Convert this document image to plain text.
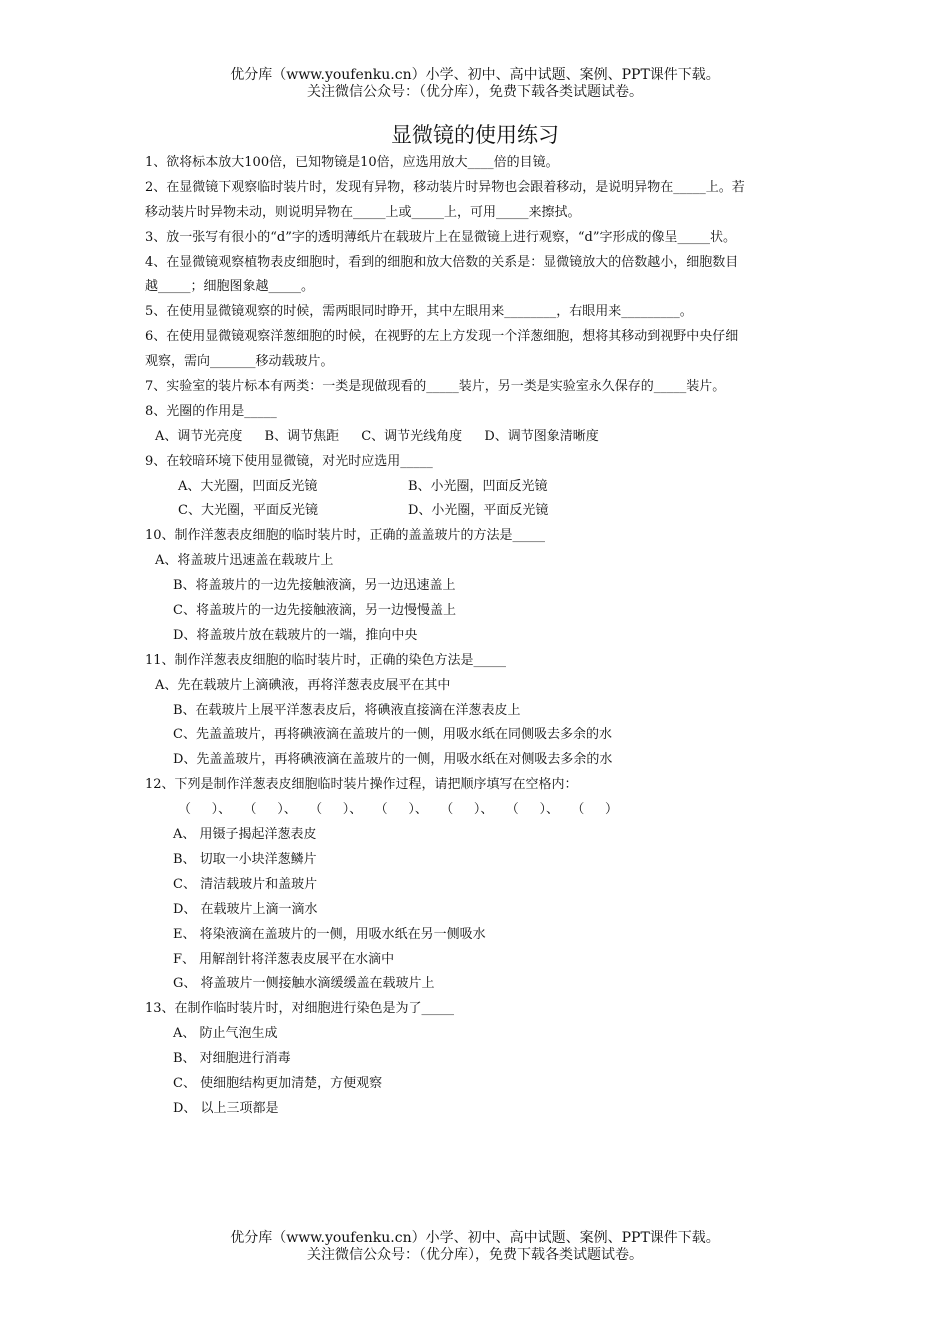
优分库（www.youfenku.cn）小学、初中、高中试题、案例、PPT课件下载。
关注微信公众号：（优分库），免费下载各类试题试卷。
显微镜的使用练习
1、欲将标本放大100倍，已知物镜是10倍，应选用放大____倍的目镜。
2、在显微镜下观察临时装片时，发现有异物，移动装片时异物也会跟着移动，是说明异物在_____上。若
移动装片时异物未动，则说明异物在_____上或_____上，可用_____来擦拭。
3、放一张写有很小的“d”字的透明薄纸片在载玻片上在显微镜上进行观察，“d”字形成的像呈_____状。
4、在显微镜观察植物表皮细胞时，看到的细胞和放大倍数的关系是：显微镜放大的倍数越小，细胞数目
越_____；细胞图象越_____。
5、在使用显微镜观察的时候，需两眼同时睁开，其中左眼用来________，右眼用来_________。
6、在使用显微镜观察洋葱细胞的时候，在视野的左上方发现一个洋葱细胞，想将其移动到视野中央仔细
观察，需向_______移动载玻片。
7、实验室的装片标本有两类：一类是现做现看的_____装片，另一类是实验室永久保存的_____装片。
8、光圈的作用是_____
A、调节光亮度 B、调节焦距 C、调节光线角度 D、调节图象清晰度
9、在较暗环境下使用显微镜，对光时应选用_____
A、大光圈，凹面反光镜	B、小光圈，凹面反光镜
C、大光圈，平面反光镜	D、小光圈，平面反光镜
10、制作洋葱表皮细胞的临时装片时，正确的盖盖玻片的方法是_____
A、将盖玻片迅速盖在载玻片上
B、将盖玻片的一边先接触液滴，另一边迅速盖上
C、将盖玻片的一边先接触液滴，另一边慢慢盖上
D、将盖玻片放在载玻片的一端，推向中央
11、制作洋葱表皮细胞的临时装片时，正确的染色方法是_____
A、先在载玻片上滴碘液，再将洋葱表皮展平在其中
B、在载玻片上展平洋葱表皮后，将碘液直接滴在洋葱表皮上
C、先盖盖玻片，再将碘液滴在盖玻片的一侧，用吸水纸在同侧吸去多余的水
D、先盖盖玻片，再将碘液滴在盖玻片的一侧，用吸水纸在对侧吸去多余的水
12、下列是制作洋葱表皮细胞临时装片操作过程，请把顺序填写在空格内：
（     ）、   （     ）、   （     ）、   （     ）、   （     ）、   （     ）、   （     ）
A、 用镊子揭起洋葱表皮
B、 切取一小块洋葱鳞片
C、 清洁载玻片和盖玻片
D、 在载玻片上滴一滴水
E、 将染液滴在盖玻片的一侧，用吸水纸在另一侧吸水
F、 用解剖针将洋葱表皮展平在水滴中
G、 将盖玻片一侧接触水滴缓缓盖在载玻片上
13、在制作临时装片时，对细胞进行染色是为了_____
A、 防止气泡生成
B、 对细胞进行消毒
C、 使细胞结构更加清楚，方便观察
D、 以上三项都是
优分库（www.youfenku.cn）小学、初中、高中试题、案例、PPT课件下载。
关注微信公众号：（优分库），免费下载各类试题试卷。
